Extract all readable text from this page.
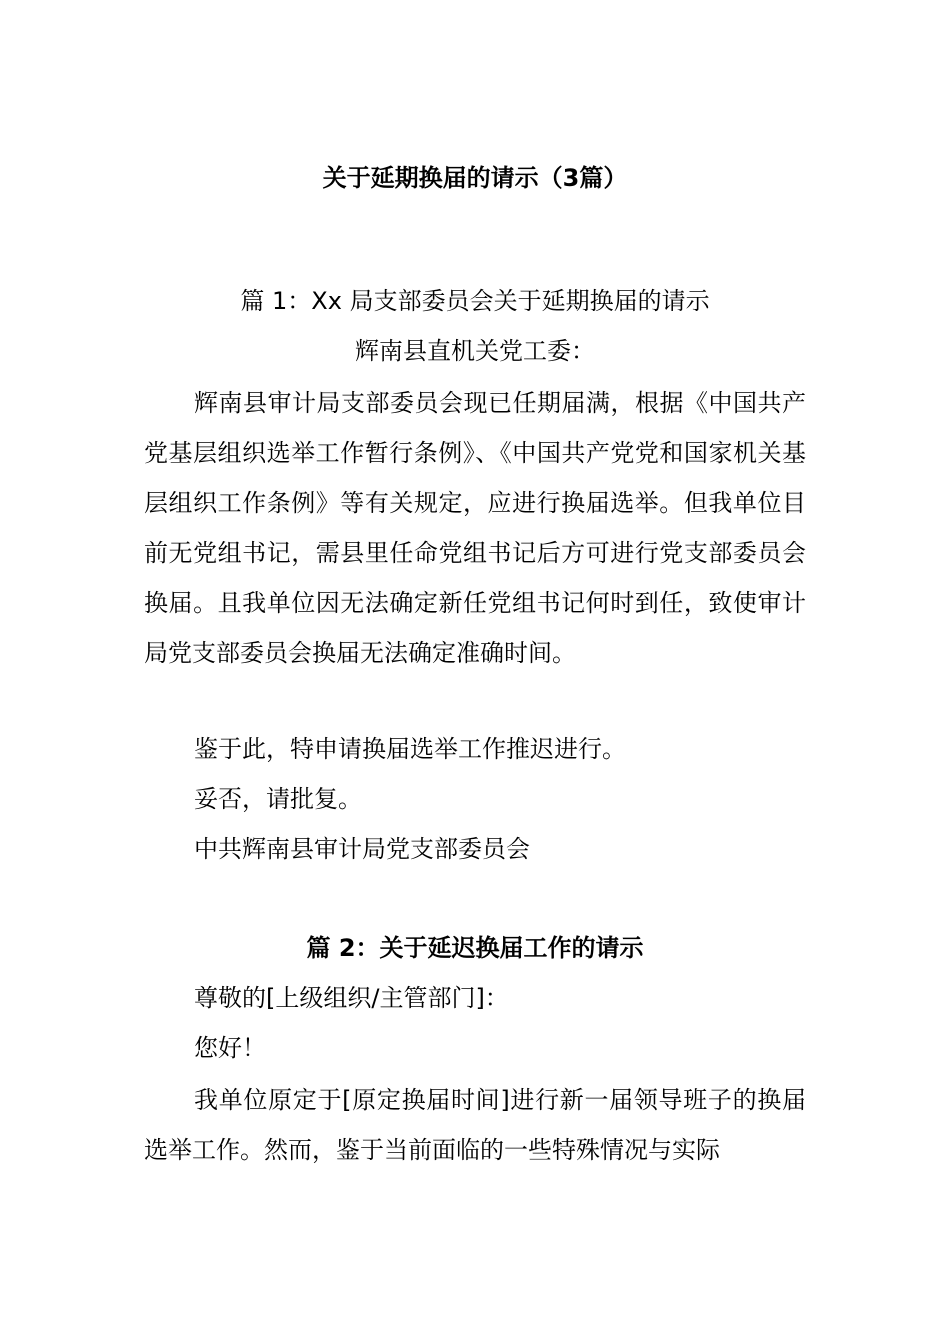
关于延期换届的请示（3篇）
篇 1：Xx 局支部委员会关于延期换届的请示
辉南县直机关党工委：

辉南县审计局支部委员会现已任期届满，根据《中国共产党基层组织选举工作暂行条例》、《中国共产党党和国家机关基层组织工作条例》等有关规定，应进行换届选举。但我单位目前无党组书记，需县里任命党组书记后方可进行党支部委员会换届。且我单位因无法确定新任党组书记何时到任，致使审计局党支部委员会换届无法确定准确时间。

鉴于此，特申请换届选举工作推迟进行。
妥否，请批复。
中共辉南县审计局党支部委员会
篇 2：关于延迟换届工作的请示
尊敬的[上级组织/主管部门]：
您好！

我单位原定于[原定换届时间]进行新一届领导班子的换届选举工作。然而，鉴于当前面临的一些特殊情况与实际
